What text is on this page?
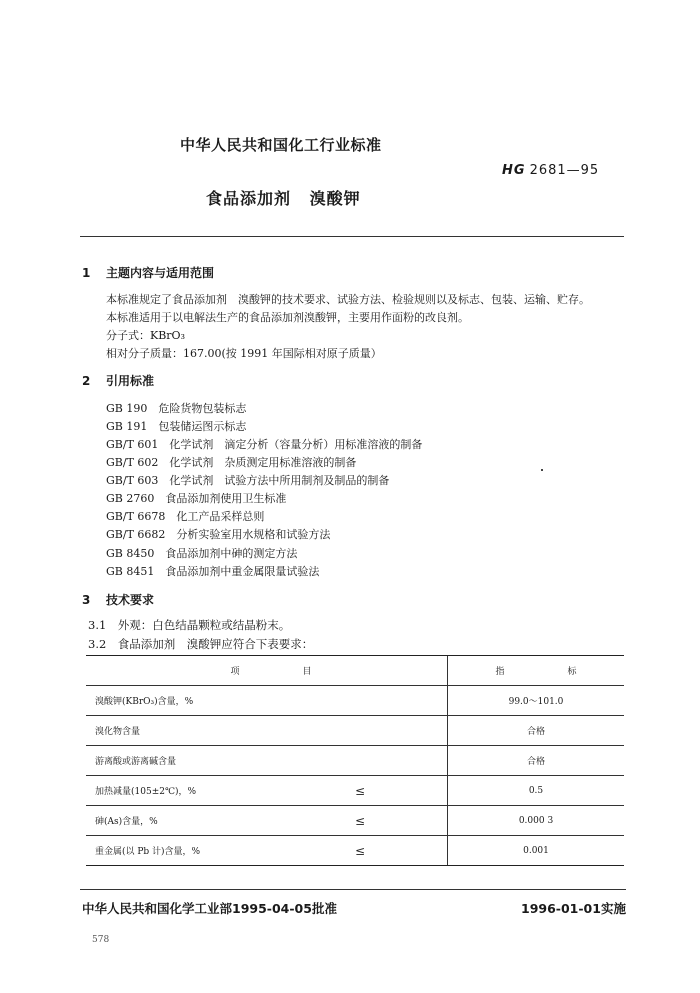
中华人民共和国化工行业标准
HG 2681—95
食品添加剂 溴酸钾
1 主题内容与适用范围
本标准规定了食品添加剂　溴酸钾的技术要求、试验方法、检验规则以及标志、包装、运输、贮存。
本标准适用于以电解法生产的食品添加剂溴酸钾，主要用作面粉的改良剂。
分子式：KBrO₃
相对分子质量：167.00(按 1991 年国际相对原子质量）
2 引用标准
GB 190　危险货物包装标志
GB 191　包装储运图示标志
GB/T 601　化学试剂　滴定分析（容量分析）用标准溶液的制备
GB/T 602　化学试剂　杂质测定用标准溶液的制备
GB/T 603　化学试剂　试验方法中所用制剂及制品的制备
GB 2760　食品添加剂使用卫生标准
GB/T 6678　化工产品采样总则
GB/T 6682　分析实验室用水规格和试验方法
GB 8450　食品添加剂中砷的测定方法
GB 8451　食品添加剂中重金属限量试验法
3 技术要求
3.1　外观：白色结晶颗粒或结晶粉末。
3.2　食品添加剂　溴酸钾应符合下表要求：
项　　　　　　　目		指　　　　　　　标
溴酸钾(KBrO₃)含量，%		99.0～101.0
溴化物含量		合格
游离酸或游离碱含量		合格
加热减量(105±2℃)，%	≤	0.5
砷(As)含量，%	≤	0.000 3
重金属(以 Pb 计)含量，%	≤	0.001
中华人民共和国化学工业部1995-04-05批准	1996-01-01实施
578
